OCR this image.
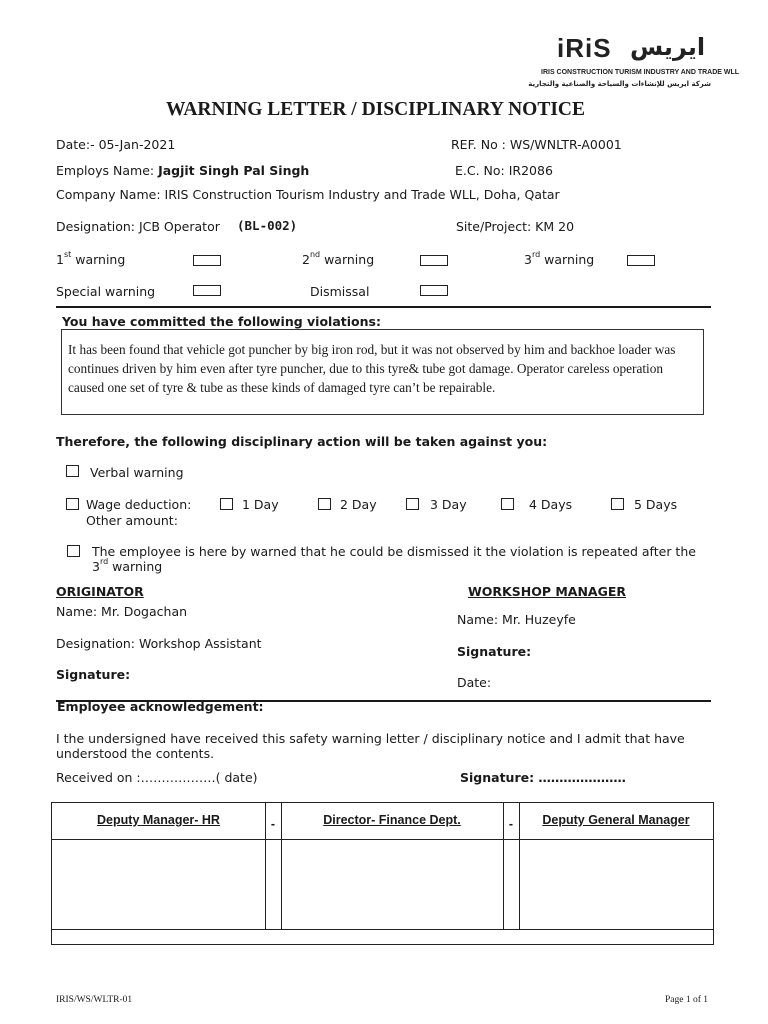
iRiS ايريس
IRIS CONSTRUCTION TURISM INDUSTRY AND TRADE WLL
شركة ايريس للإنشاءات والسياحة والصناعية والتجارية
WARNING LETTER / DISCIPLINARY NOTICE
Date:- 05-Jan-2021	REF. No : WS/WNLTR-A0001
Employs Name: Jagjit Singh Pal Singh	E.C. No: IR2086
Company Name: IRIS Construction Tourism Industry and Trade WLL, Doha, Qatar
Designation: JCB Operator (BL-002)	Site/Project: KM 20
1st warning	2nd warning	3rd warning
Special warning	Dismissal
You have committed the following violations:
It has been found that vehicle got puncher by big iron rod, but it was not observed by him and backhoe loader was continues driven by him even after tyre puncher, due to this tyre& tube got damage. Operator careless operation caused one set of tyre & tube as these kinds of damaged tyre can’t be repairable.
Therefore, the following disciplinary action will be taken against you:
Verbal warning
Wage deduction:	1 Day	2 Day	3 Day	4 Days	5 Days
Other amount:
The employee is here by warned that he could be dismissed it the violation is repeated after the
3rd warning
ORIGINATOR
Name: Mr. Dogachan
Designation: Workshop Assistant
Signature:
WORKSHOP MANAGER
Name: Mr. Huzeyfe
Signature:
Date:
Employee acknowledgement:
I the undersigned have received this safety warning letter / disciplinary notice and I admit that have
understood the contents.
Received on :………………( date)	Signature: …………………
Deputy Manager- HR	-	Director- Finance Dept.	-	Deputy General Manager
IRIS/WS/WLTR-01	Page 1 of 1
